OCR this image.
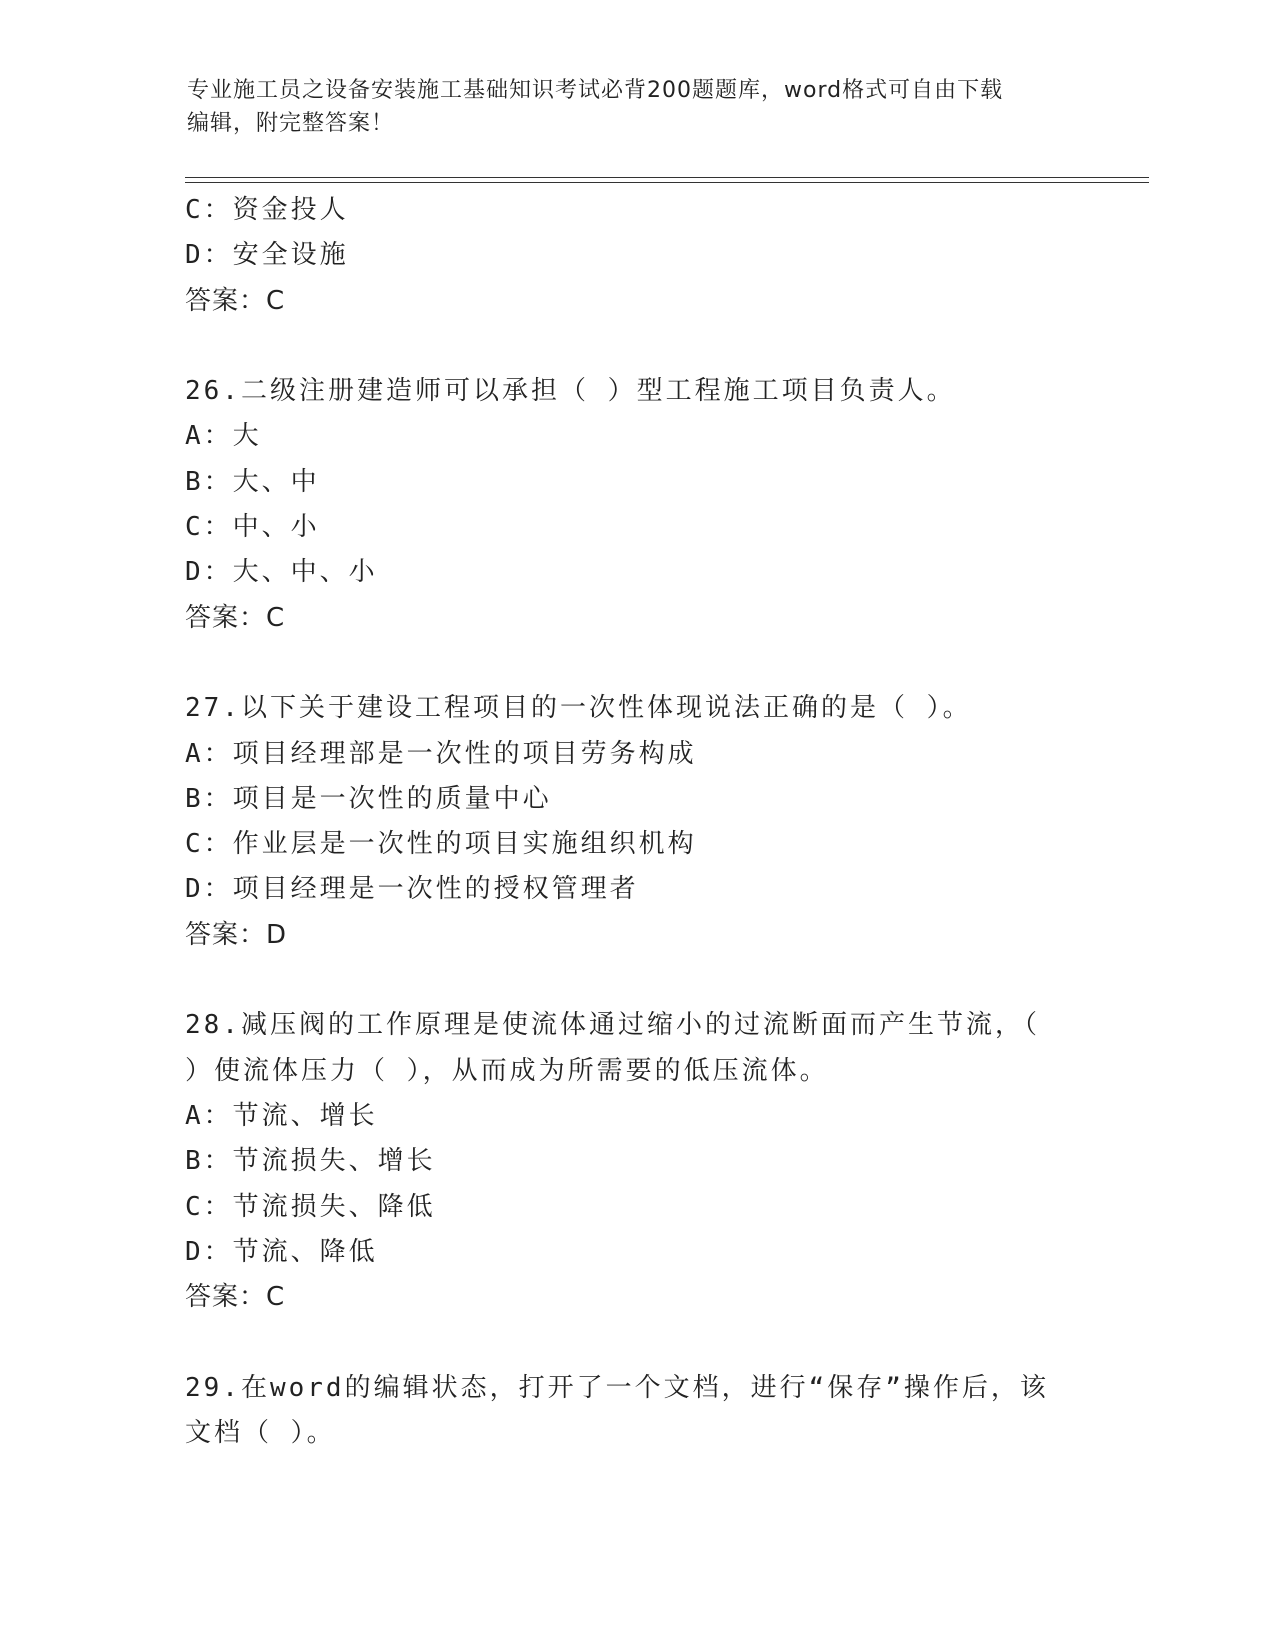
专业施工员之设备安装施工基础知识考试必背200题题库，word格式可自由下载
编辑，附完整答案！
C：资金投人
D：安全设施
答案：C
26.二级注册建造师可以承担（ ）型工程施工项目负责人。
A：大
B：大、中
C：中、小
D：大、中、小
答案：C
27.以下关于建设工程项目的一次性体现说法正确的是（ ）。
A：项目经理部是一次性的项目劳务构成
B：项目是一次性的质量中心
C：作业层是一次性的项目实施组织机构
D：项目经理是一次性的授权管理者
答案：D
28.减压阀的工作原理是使流体通过缩小的过流断面而产生节流，（
）使流体压力（ ），从而成为所需要的低压流体。
A：节流、增长
B：节流损失、增长
C：节流损失、降低
D：节流、降低
答案：C
29.在word的编辑状态，打开了一个文档，进行“保存”操作后，该
文档（ ）。
